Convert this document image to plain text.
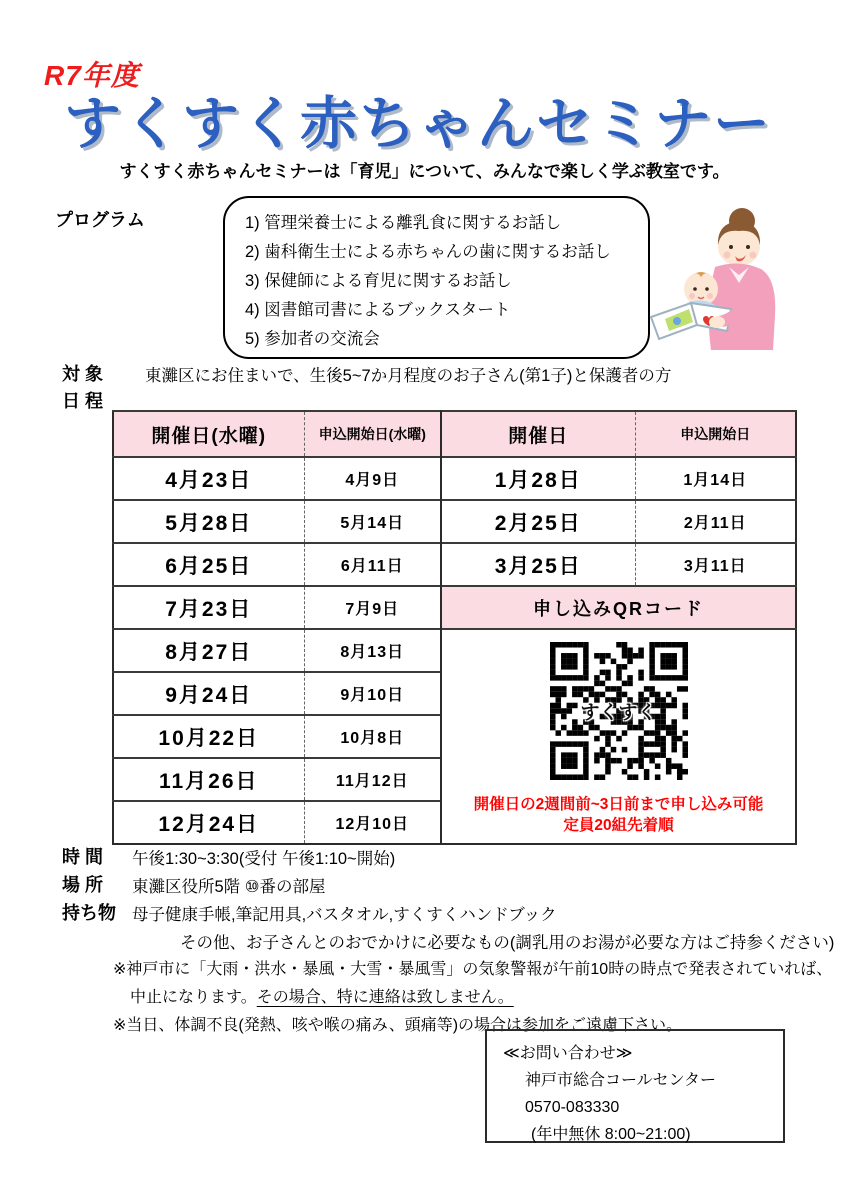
R7年度
すくすく赤ちゃんセミナー
すくすく赤ちゃんセミナーは「育児」について、みんなで楽しく学ぶ教室です。
プログラム	1) 管理栄養士による離乳食に関するお話し
2) 歯科衛生士による赤ちゃんの歯に関するお話し
3) 保健師による育児に関するお話し
4) 図書館司書によるブックスタート
5) 参加者の交流会
対 象	東灘区にお住まいで、生後5~7か月程度のお子さん(第1子)と保護者の方
日 程
開催日(水曜)	申込開始日(水曜)	開催日	申込開始日
4月23日	4月9日	1月28日	1月14日
5月28日	5月14日	2月25日	2月11日
6月25日	6月11日	3月25日	3月11日
7月23日	7月9日	申し込みQRコード	
8月27日	8月13日	すくすく
開催日の2週間前~3日前まで申し込み可能
定員20組先着順	

9月24日	9月10日		
10月22日	10月8日		
11月26日	11月12日		
12月24日	12月10日		
時 間 午後1:30~3:30(受付 午後1:10~開始)
場 所 東灘区役所5階 ⑩番の部屋
持ち物 母子健康手帳,筆記用具,バスタオル,すくすくハンドブック
その他、お子さんとのおでかけに必要なもの(調乳用のお湯が必要な方はご持参ください)
※神戸市に「大雨・洪水・暴風・大雪・暴風雪」の気象警報が午前10時の時点で発表されていれば、
中止になります。その場合、特に連絡は致しません。
※当日、体調不良(発熱、咳や喉の痛み、頭痛等)の場合は参加をご遠慮下さい。
≪お問い合わせ≫
神戸市総合コールセンター
0570-083330
(年中無休 8:00~21:00)
